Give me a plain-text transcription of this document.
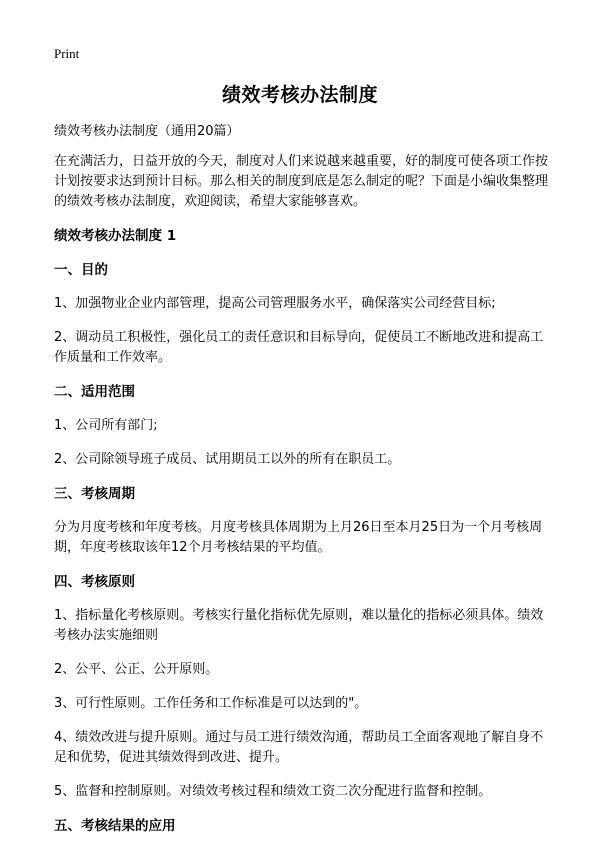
Print
绩效考核办法制度

绩效考核办法制度（通用20篇）

在充满活力，日益开放的今天，制度对人们来说越来越重要，好的制度可使各项工作按计划按要求达到预计目标。那么相关的制度到底是怎么制定的呢？下面是小编收集整理的绩效考核办法制度，欢迎阅读，希望大家能够喜欢。

绩效考核办法制度 1

一、目的

1、加强物业企业内部管理，提高公司管理服务水平，确保落实公司经营目标;

2、调动员工积极性，强化员工的责任意识和目标导向，促使员工不断地改进和提高工作质量和工作效率。

二、适用范围

1、公司所有部门;

2、公司除领导班子成员、试用期员工以外的所有在职员工。

三、考核周期

分为月度考核和年度考核。月度考核具体周期为上月26日至本月25日为一个月考核周期，年度考核取该年12个月考核结果的平均值。

四、考核原则

1、指标量化考核原则。考核实行量化指标优先原则，难以量化的指标必须具体。绩效考核办法实施细则

2、公平、公正、公开原则。

3、可行性原则。工作任务和工作标准是可以达到的"。

4、绩效改进与提升原则。通过与员工进行绩效沟通，帮助员工全面客观地了解自身不足和优势，促进其绩效得到改进、提升。

5、监督和控制原则。对绩效考核过程和绩效工资二次分配进行监督和控制。

五、考核结果的应用
